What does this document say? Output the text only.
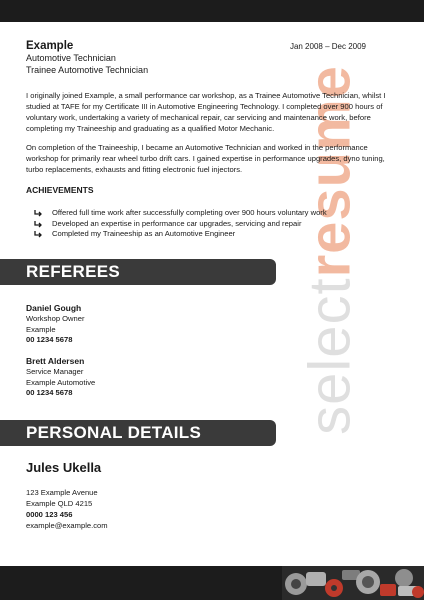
selectresume
Example	Jan 2008 – Dec 2009
Automotive Technician
Trainee Automotive Technician

I originally joined Example, a small performance car workshop, as a Trainee Automotive Technician, whilst I studied at TAFE for my Certificate III in Automotive Engineering Technology. I completed over 900 hours of voluntary work, undertaking a variety of mechanical repair, car servicing and maintenance work, before completing my Traineeship and graduating as a qualified Motor Mechanic.

On completion of the Traineeship, I became an Automotive Technician and worked in the performance workshop for primarily rear wheel turbo drift cars. I gained expertise in performance upgrades, dyno tuning, turbo replacements, exhausts and fitting electronic fuel injectors.

ACHIEVEMENTS
Offered full time work after successfully completing over 900 hours voluntary work
Developed an expertise in performance car upgrades, servicing and repair
Completed my Traineeship as an Automotive Engineer
REFEREES
Daniel Gough
Workshop Owner
Example
00 1234 5678
Brett Aldersen
Service Manager
Example Automotive
00 1234 5678
PERSONAL DETAILS
Jules Ukella
123 Example Avenue
Example QLD 4215
0000 123 456
example@example.com
